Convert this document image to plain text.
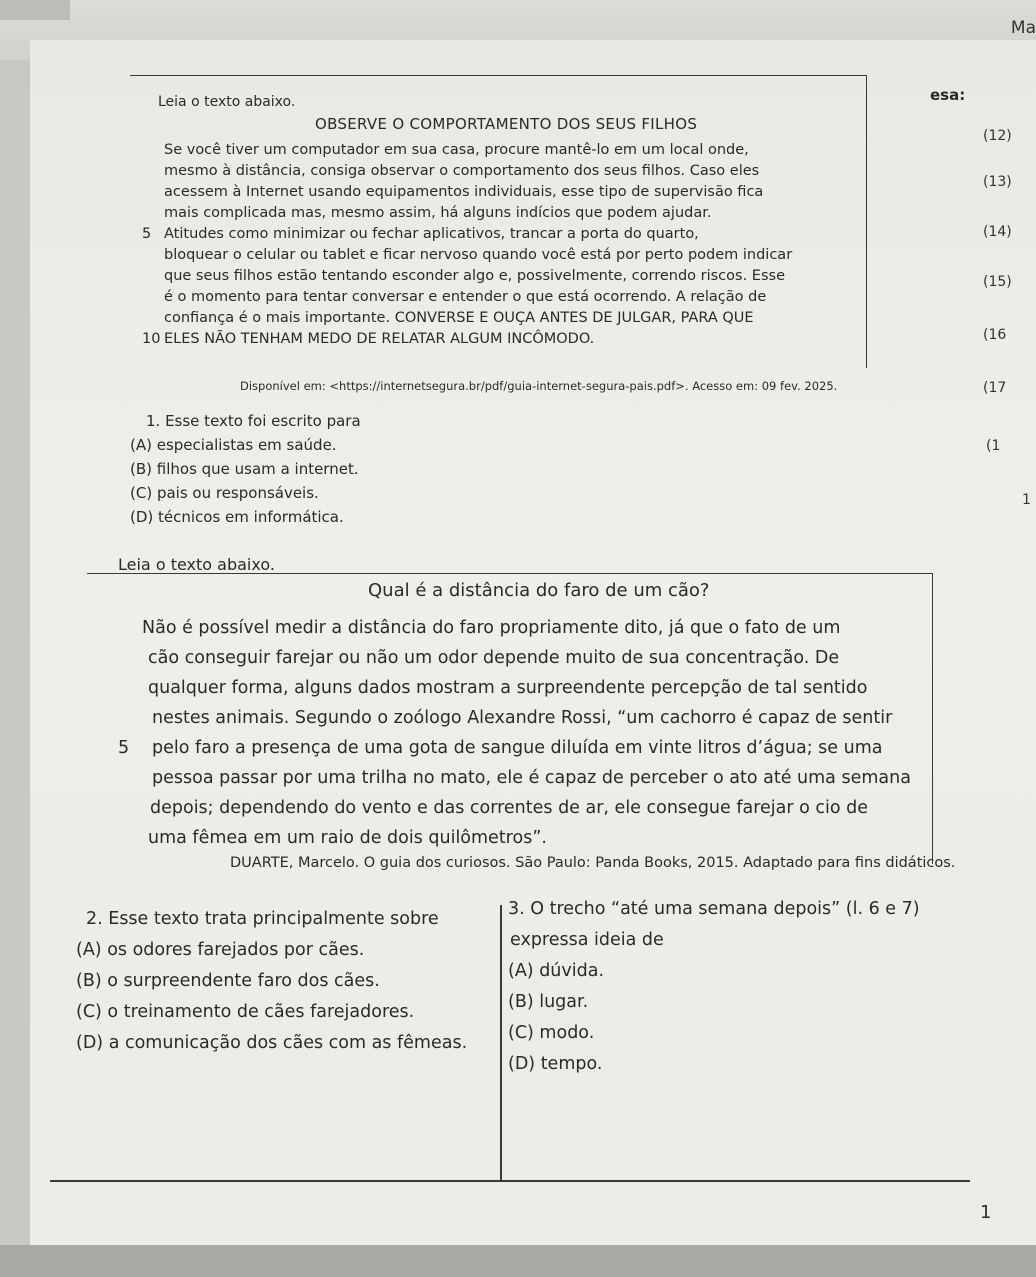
Ma
esa:
(12)
(13)
(14)
(15)
(16
(17
(1
1
Leia o texto abaixo.
OBSERVE O COMPORTAMENTO DOS SEUS FILHOS
Se você tiver um computador em sua casa, procure mantê-lo em um local onde,
mesmo à distância, consiga observar o comportamento dos seus filhos. Caso eles
acessem à Internet usando equipamentos individuais, esse tipo de supervisão fica
mais complicada mas, mesmo assim, há alguns indícios que podem ajudar.
5 Atitudes como minimizar ou fechar aplicativos, trancar a porta do quarto,
bloquear o celular ou tablet e ficar nervoso quando você está por perto podem indicar
que seus filhos estão tentando esconder algo e, possivelmente, correndo riscos. Esse
é o momento para tentar conversar e entender o que está ocorrendo. A relação de
confiança é o mais importante. CONVERSE E OUÇA ANTES DE JULGAR, PARA QUE
10 ELES NÃO TENHAM MEDO DE RELATAR ALGUM INCÔMODO.
Disponível em: <https://internetsegura.br/pdf/guia-internet-segura-pais.pdf>. Acesso em: 09 fev. 2025.
1. Esse texto foi escrito para
(A) especialistas em saúde.
(B) filhos que usam a internet.
(C) pais ou responsáveis.
(D) técnicos em informática.
Leia o texto abaixo.
Qual é a distância do faro de um cão?
Não é possível medir a distância do faro propriamente dito, já que o fato de um
cão conseguir farejar ou não um odor depende muito de sua concentração. De
qualquer forma, alguns dados mostram a surpreendente percepção de tal sentido
nestes animais. Segundo o zoólogo Alexandre Rossi, “um cachorro é capaz de sentir
5 pelo faro a presença de uma gota de sangue diluída em vinte litros d’água; se uma
pessoa passar por uma trilha no mato, ele é capaz de perceber o ato até uma semana
depois; dependendo do vento e das correntes de ar, ele consegue farejar o cio de
uma fêmea em um raio de dois quilômetros”.
DUARTE, Marcelo. O guia dos curiosos. São Paulo: Panda Books, 2015. Adaptado para fins didáticos.
2. Esse texto trata principalmente sobre
(A) os odores farejados por cães.
(B) o surpreendente faro dos cães.
(C) o treinamento de cães farejadores.
(D) a comunicação dos cães com as fêmeas.
3. O trecho “até uma semana depois” (l. 6 e 7)
expressa ideia de
(A) dúvida.
(B) lugar.
(C) modo.
(D) tempo.
1
